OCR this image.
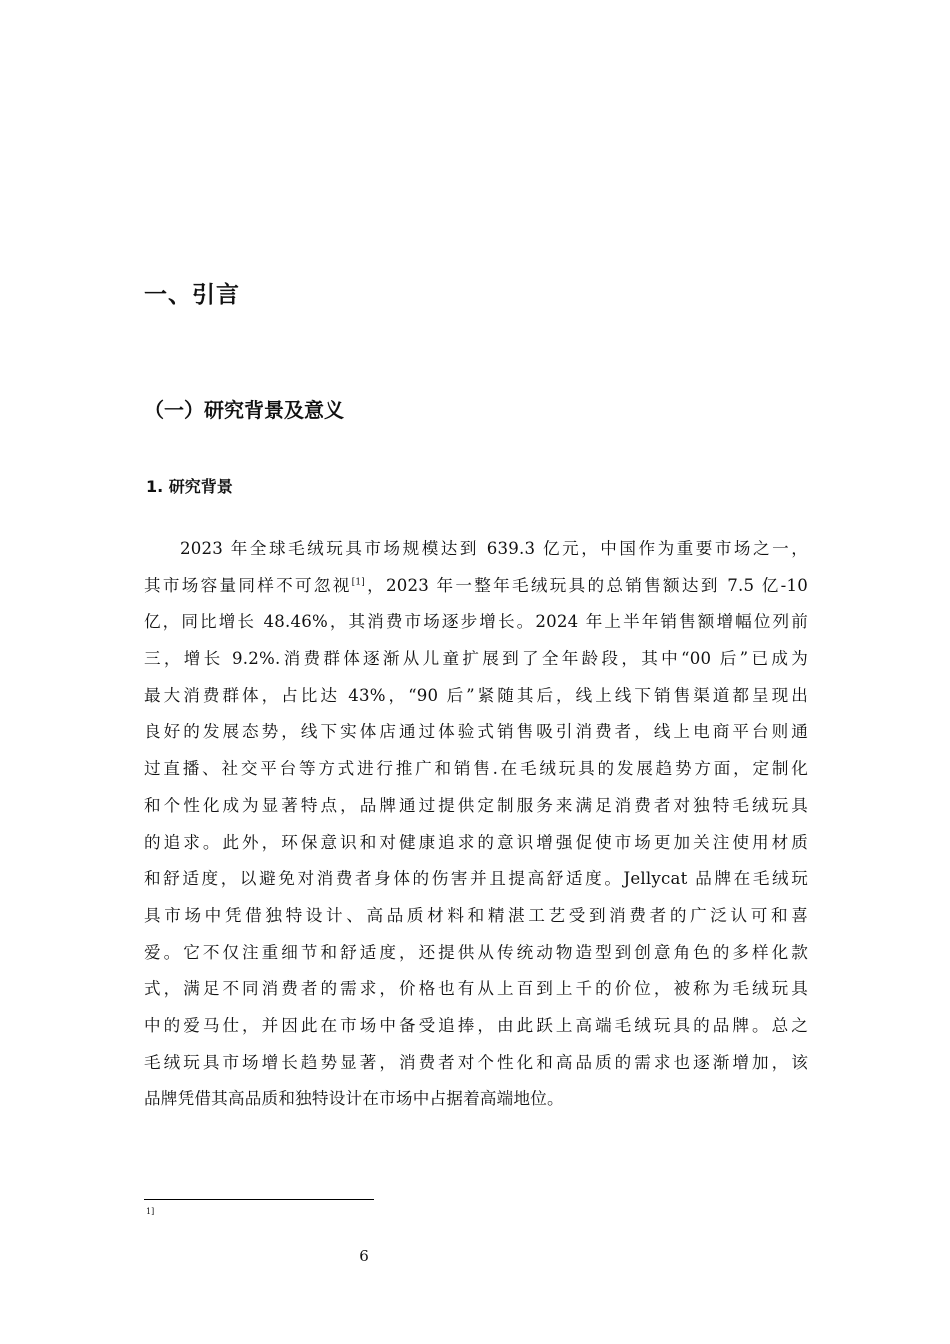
一、引言
（一）研究背景及意义
1. 研究背景
2023 年全球毛绒玩具市场规模达到 639.3 亿元，中国作为重要市场之一，
其市场容量同样不可忽视[1]，2023 年一整年毛绒玩具的总销售额达到 7.5 亿-10
亿，同比增长 48.46%，其消费市场逐步增长。2024 年上半年销售额增幅位列前
三，增长 9.2%.消费群体逐渐从儿童扩展到了全年龄段，其中“00 后”已成为
最大消费群体，占比达 43%，“90 后”紧随其后，线上线下销售渠道都呈现出
良好的发展态势，线下实体店通过体验式销售吸引消费者，线上电商平台则通
过直播、社交平台等方式进行推广和销售.在毛绒玩具的发展趋势方面，定制化
和个性化成为显著特点，品牌通过提供定制服务来满足消费者对独特毛绒玩具
的追求。此外，环保意识和对健康追求的意识增强促使市场更加关注使用材质
和舒适度，以避免对消费者身体的伤害并且提高舒适度。Jellycat 品牌在毛绒玩
具市场中凭借独特设计、高品质材料和精湛工艺受到消费者的广泛认可和喜
爱。它不仅注重细节和舒适度，还提供从传统动物造型到创意角色的多样化款
式，满足不同消费者的需求，价格也有从上百到上千的价位，被称为毛绒玩具
中的爱马仕，并因此在市场中备受追捧，由此跃上高端毛绒玩具的品牌。总之
毛绒玩具市场增长趋势显著，消费者对个性化和高品质的需求也逐渐增加，该
品牌凭借其高品质和独特设计在市场中占据着高端地位。
1]
6
